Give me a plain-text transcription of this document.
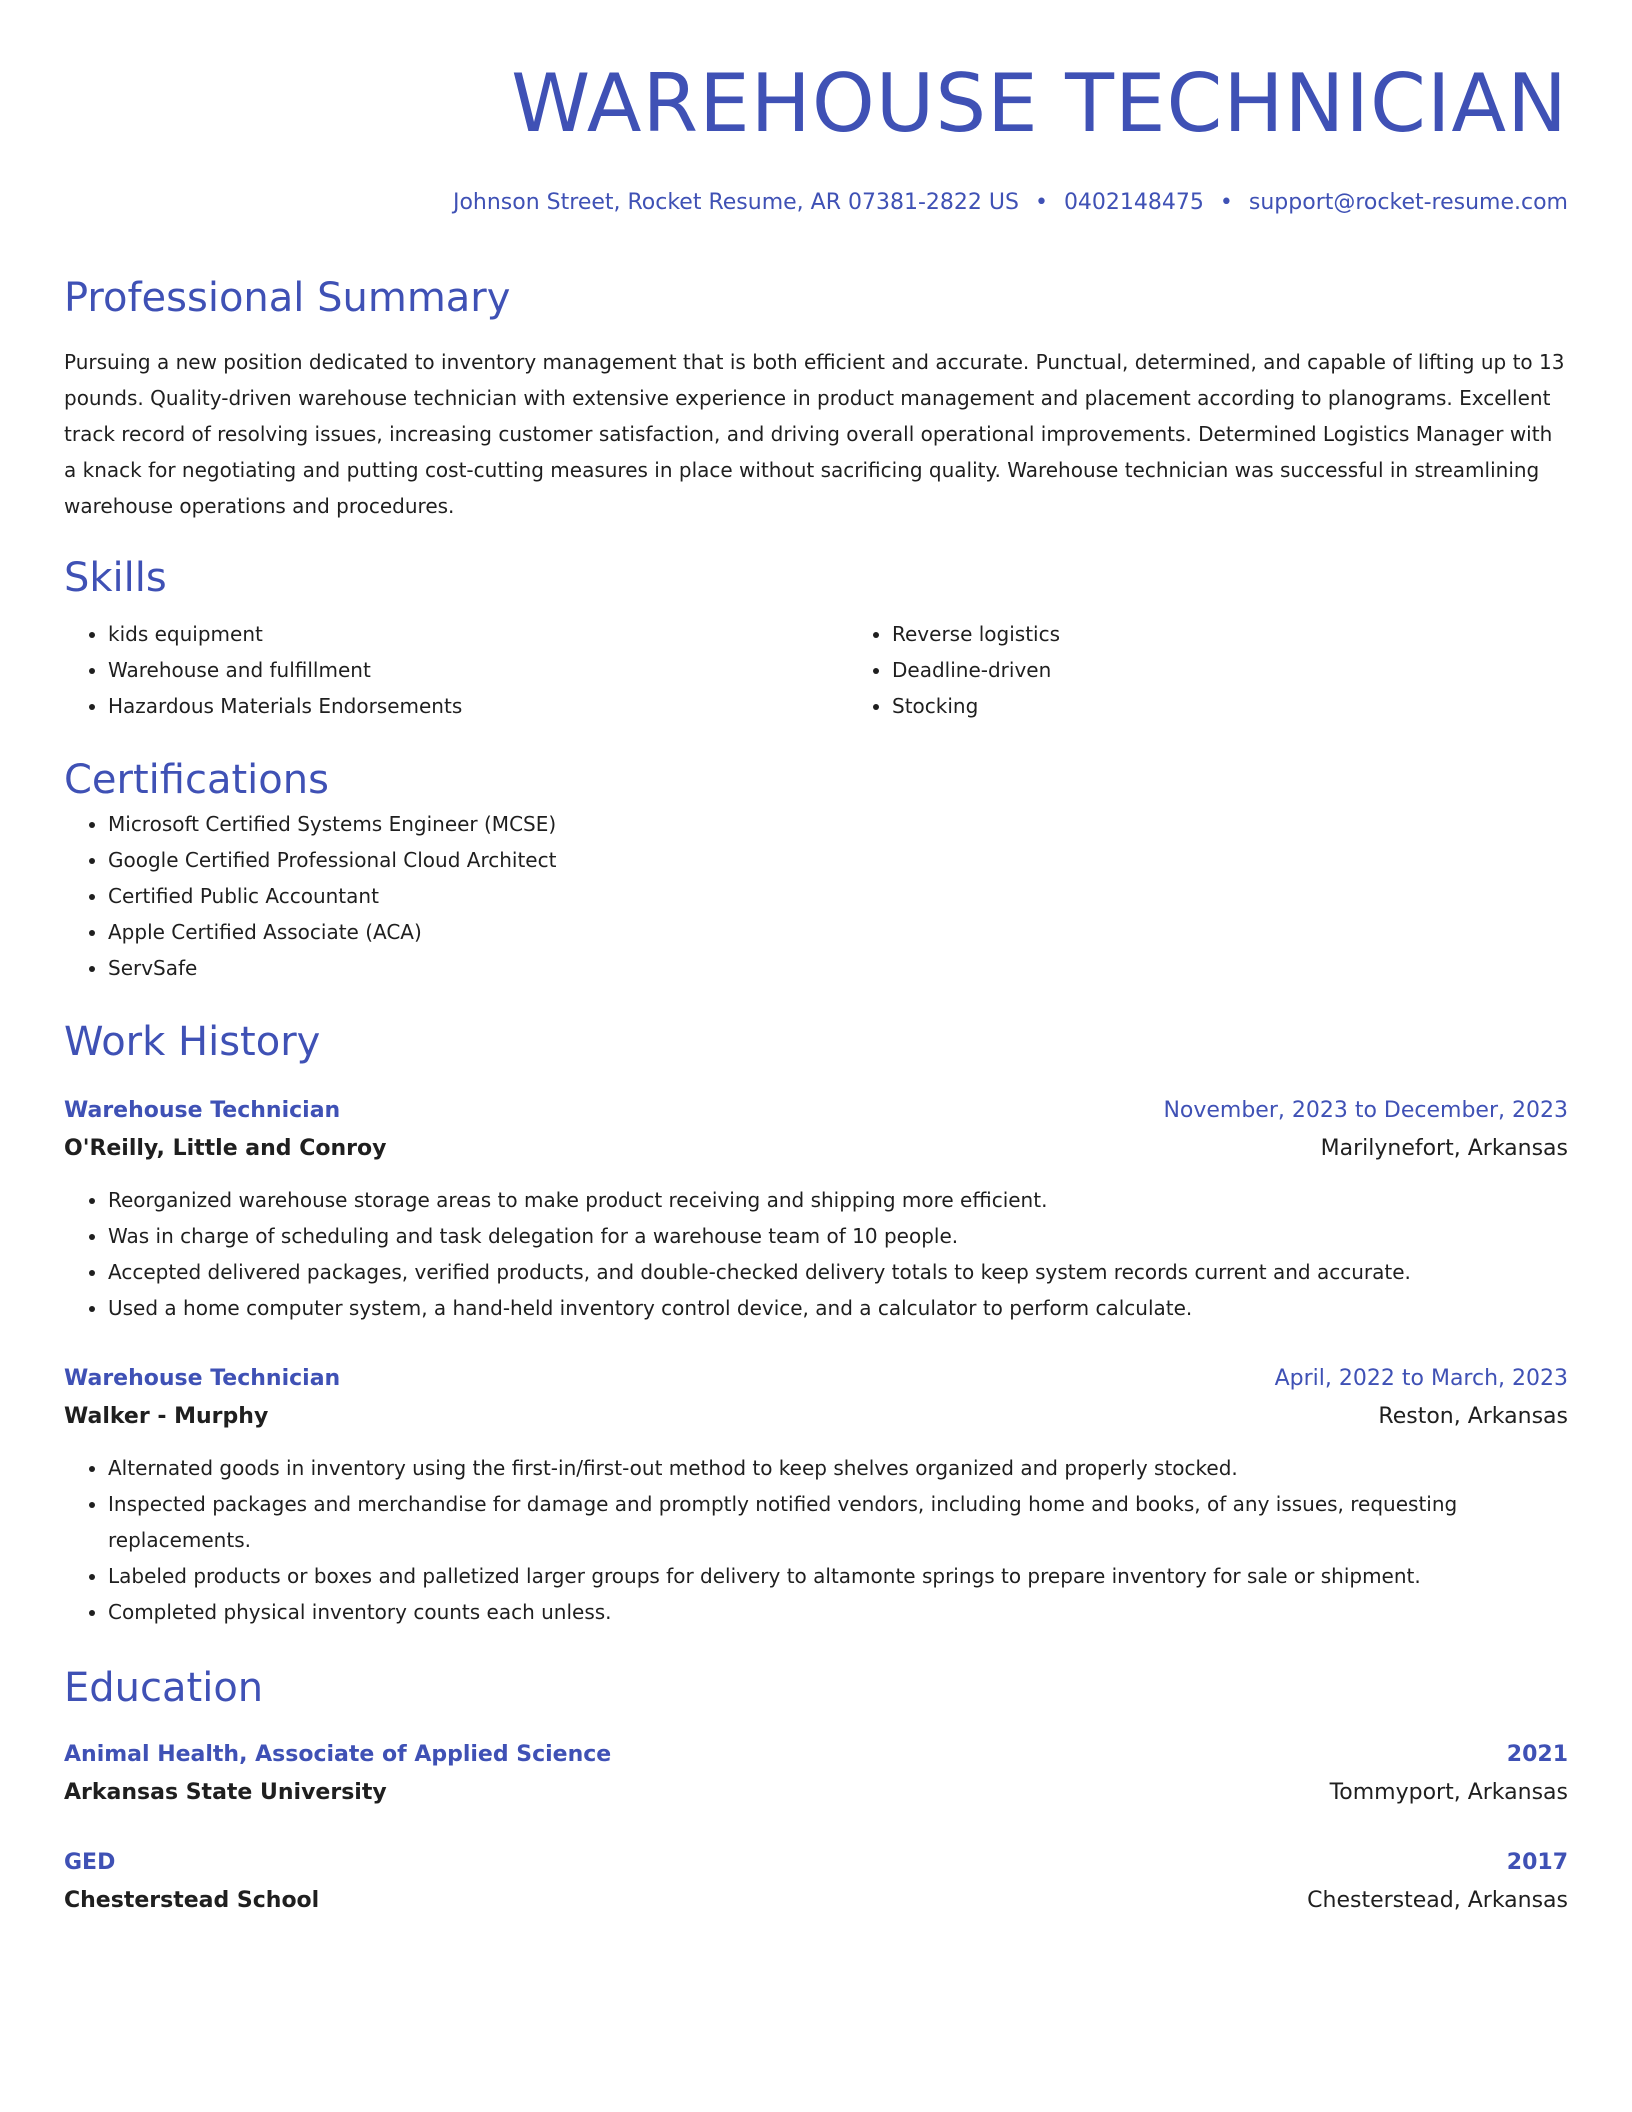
WAREHOUSE TECHNICIAN
Johnson Street, Rocket Resume, AR 07381-2822 US • 0402148475 • support@rocket-resume.com
Professional Summary
Pursuing a new position dedicated to inventory management that is both efficient and accurate. Punctual, determined, and capable of lifting up to 13 pounds. Quality-driven warehouse technician with extensive experience in product management and placement according to planograms. Excellent track record of resolving issues, increasing customer satisfaction, and driving overall operational improvements. Determined Logistics Manager with a knack for negotiating and putting cost-cutting measures in place without sacrificing quality. Warehouse technician was successful in streamlining warehouse operations and procedures.
Skills
• kids equipment
• Warehouse and fulfillment
• Hazardous Materials Endorsements
• Reverse logistics
• Deadline-driven
• Stocking
Certifications
• Microsoft Certified Systems Engineer (MCSE)
• Google Certified Professional Cloud Architect
• Certified Public Accountant
• Apple Certified Associate (ACA)
• ServSafe
Work History
Warehouse Technician	November, 2023 to December, 2023
O'Reilly, Little and Conroy	Marilynefort, Arkansas
• Reorganized warehouse storage areas to make product receiving and shipping more efficient.
• Was in charge of scheduling and task delegation for a warehouse team of 10 people.
• Accepted delivered packages, verified products, and double-checked delivery totals to keep system records current and accurate.
• Used a home computer system, a hand-held inventory control device, and a calculator to perform calculate.
Warehouse Technician	April, 2022 to March, 2023
Walker - Murphy	Reston, Arkansas
• Alternated goods in inventory using the first-in/first-out method to keep shelves organized and properly stocked.
• Inspected packages and merchandise for damage and promptly notified vendors, including home and books, of any issues, requesting replacements.
• Labeled products or boxes and palletized larger groups for delivery to altamonte springs to prepare inventory for sale or shipment.
• Completed physical inventory counts each unless.
Education
Animal Health, Associate of Applied Science	2021
Arkansas State University	Tommyport, Arkansas
GED	2017
Chesterstead School	Chesterstead, Arkansas
